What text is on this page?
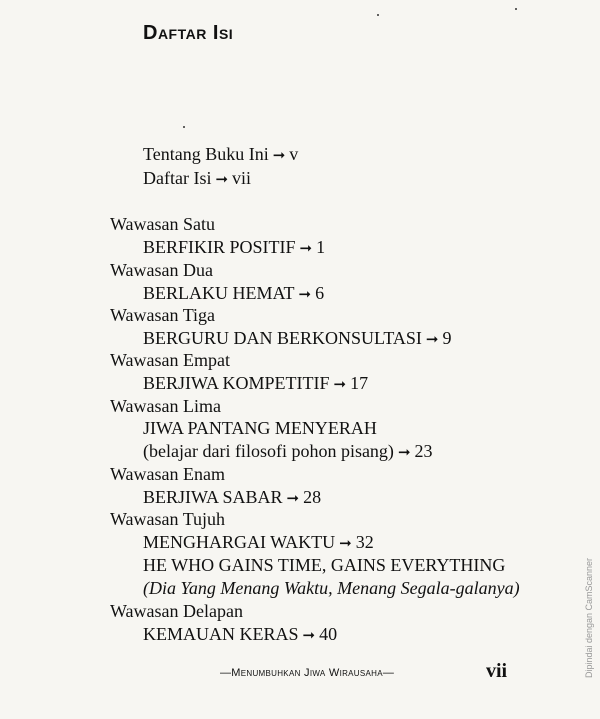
Daftar Isi
Tentang Buku Ini ➞ v
Daftar Isi ➞ vii
Wawasan Satu
BERFIKIR POSITIF ➞ 1
Wawasan Dua
BERLAKU HEMAT ➞ 6
Wawasan Tiga
BERGURU DAN BERKONSULTASI ➞ 9
Wawasan Empat
BERJIWA KOMPETITIF ➞ 17
Wawasan Lima
JIWA PANTANG MENYERAH
(belajar dari filosofi pohon pisang) ➞ 23
Wawasan Enam
BERJIWA SABAR ➞ 28
Wawasan Tujuh
MENGHARGAI WAKTU ➞ 32
HE WHO GAINS TIME, GAINS EVERYTHING
(Dia Yang Menang Waktu, Menang Segala-galanya)
Wawasan Delapan
KEMAUAN KERAS ➞ 40
—Menumbuhkan Jiwa Wirausaha—	vii	Dipindai dengan CamScanner
